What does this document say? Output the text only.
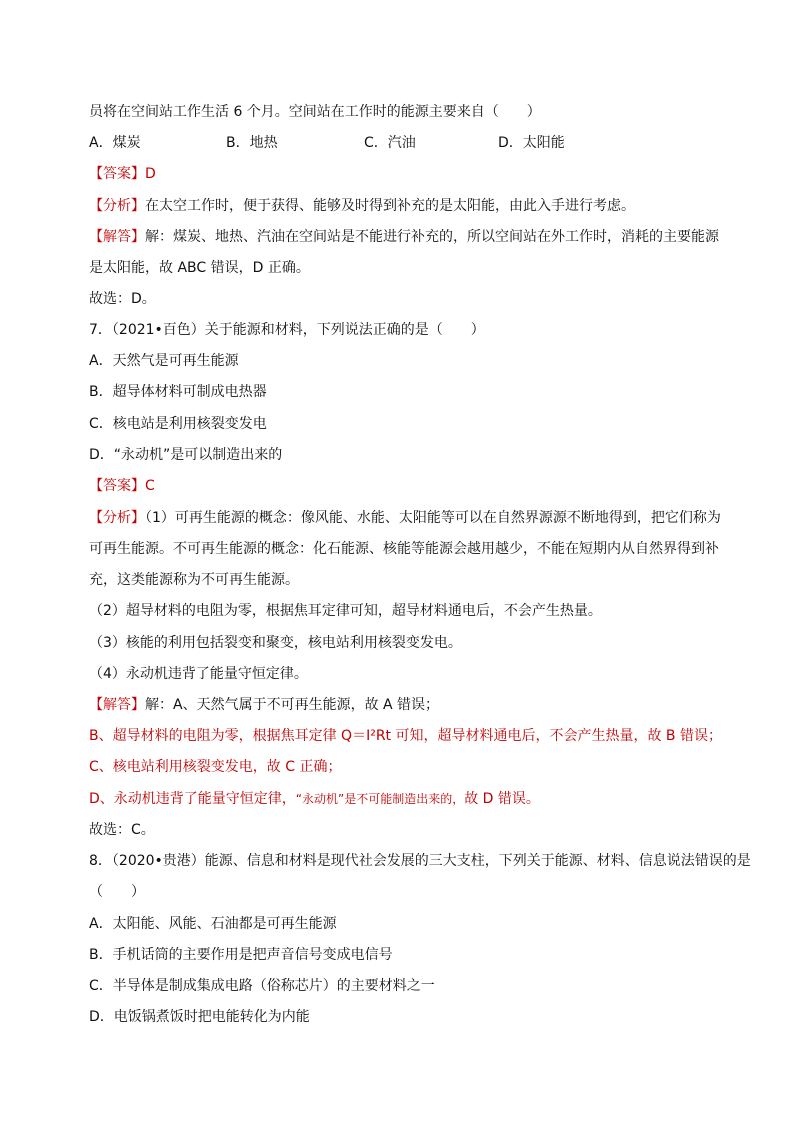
员将在空间站工作生活 6 个月。空间站在工作时的能源主要来自（　　）
A．煤炭	B．地热	C．汽油	D．太阳能
【答案】D
【分析】在太空工作时，便于获得、能够及时得到补充的是太阳能，由此入手进行考虑。
【解答】解：煤炭、地热、汽油在空间站是不能进行补充的，所以空间站在外工作时，消耗的主要能源
是太阳能，故 ABC 错误，D 正确。
故选：D。
7．（2021•百色）关于能源和材料，下列说法正确的是（　　）
A．天然气是可再生能源
B．超导体材料可制成电热器
C．核电站是利用核裂变发电
D．“永动机”是可以制造出来的
【答案】C
【分析】（1）可再生能源的概念：像风能、水能、太阳能等可以在自然界源源不断地得到，把它们称为
可再生能源。不可再生能源的概念：化石能源、核能等能源会越用越少，不能在短期内从自然界得到补
充，这类能源称为不可再生能源。
（2）超导材料的电阻为零，根据焦耳定律可知，超导材料通电后，不会产生热量。
（3）核能的利用包括裂变和聚变，核电站利用核裂变发电。
（4）永动机违背了能量守恒定律。
【解答】解：A、天然气属于不可再生能源，故 A 错误；
B、超导材料的电阻为零，根据焦耳定律 Q＝I²Rt 可知，超导材料通电后，不会产生热量，故 B 错误；
C、核电站利用核裂变发电，故 C 正确；
D、永动机违背了能量守恒定律，“永动机”是不可能制造出来的，故 D 错误。
故选：C。
8．（2020•贵港）能源、信息和材料是现代社会发展的三大支柱，下列关于能源、材料、信息说法错误的是
（　　）
A．太阳能、风能、石油都是可再生能源
B．手机话筒的主要作用是把声音信号变成电信号
C．半导体是制成集成电路（俗称芯片）的主要材料之一
D．电饭锅煮饭时把电能转化为内能
